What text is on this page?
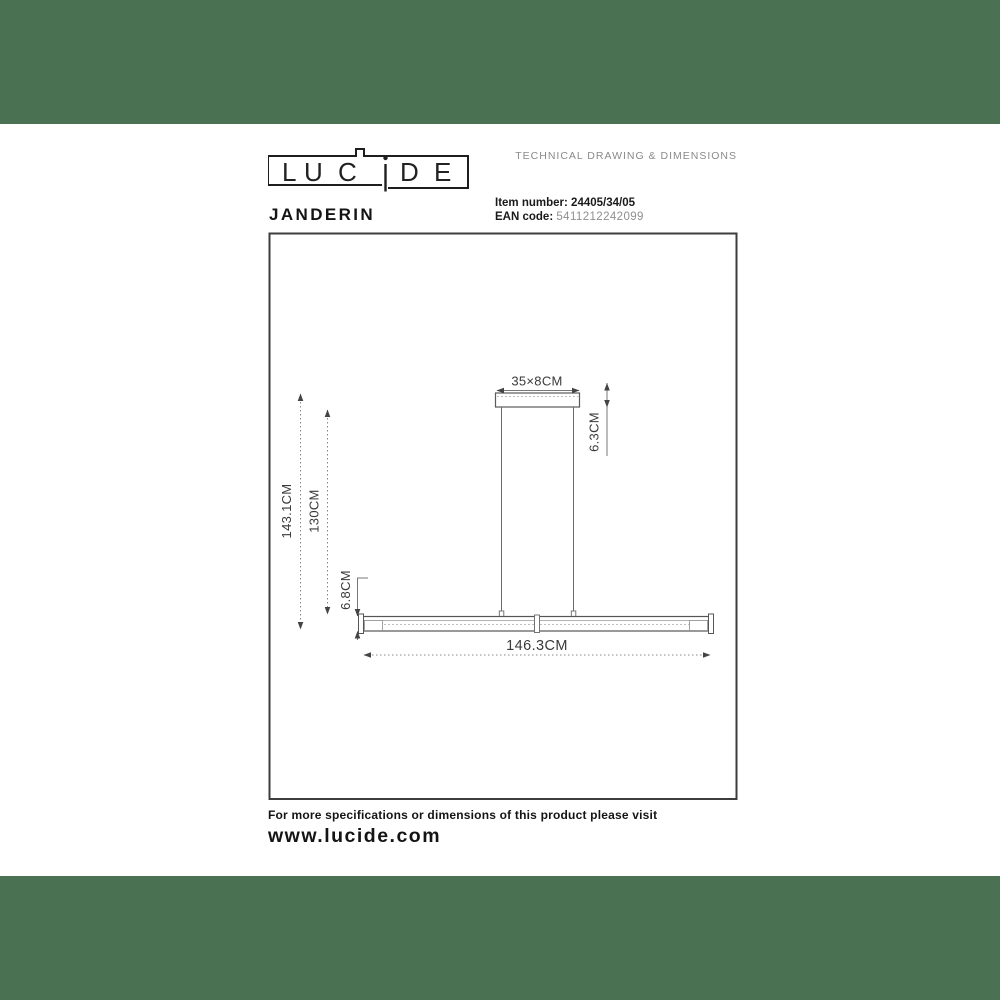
L U C D E
TECHNICAL DRAWING & DIMENSIONS
JANDERIN
Item number: 24405/34/05
EAN code: 5411212242099
35×8CM
6.3CM
143.1CM 130CM
6.8CM
146.3CM
For more specifications or dimensions of this product please visit
www.lucide.com
